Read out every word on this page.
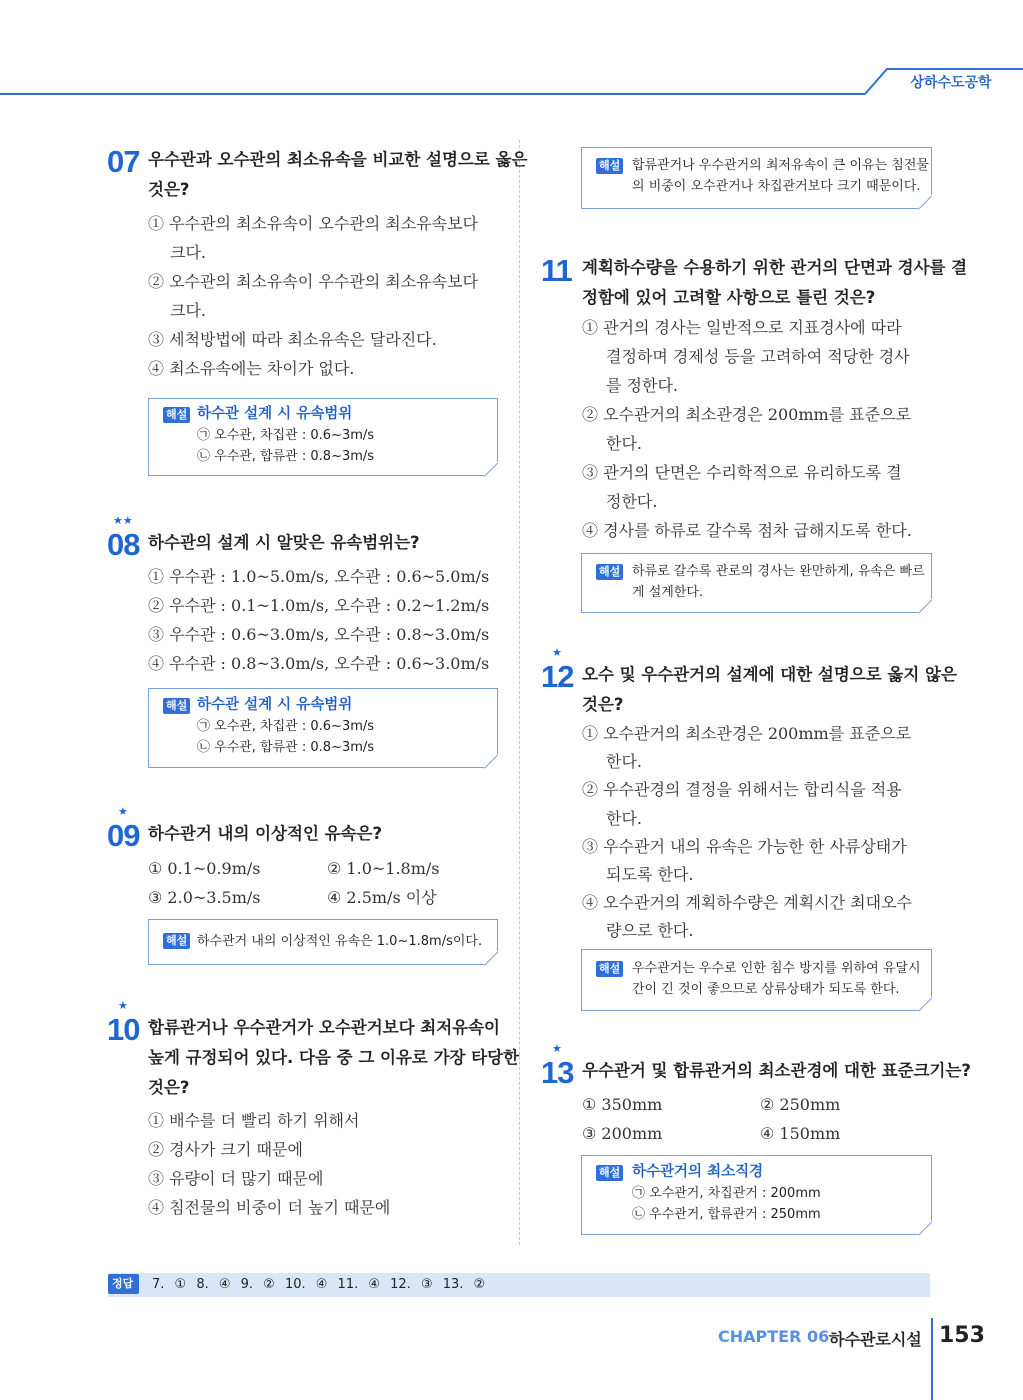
상하수도공학
07 우수관과 오수관의 최소유속을 비교한 설명으로 옳은
것은?
① 우수관의 최소유속이 오수관의 최소유속보다
크다.
② 오수관의 최소유속이 우수관의 최소유속보다
크다.
③ 세척방법에 따라 최소유속은 달라진다.
④ 최소유속에는 차이가 없다.
해설 하수관 설계 시 유속범위
㉠ 오수관, 차집관 : 0.6~3m/s
㉡ 우수관, 합류관 : 0.8~3m/s
★★
08 하수관의 설계 시 알맞은 유속범위는?
① 우수관 : 1.0~5.0m/s, 오수관 : 0.6~5.0m/s
② 우수관 : 0.1~1.0m/s, 오수관 : 0.2~1.2m/s
③ 우수관 : 0.6~3.0m/s, 오수관 : 0.8~3.0m/s
④ 우수관 : 0.8~3.0m/s, 오수관 : 0.6~3.0m/s
해설 하수관 설계 시 유속범위
㉠ 오수관, 차집관 : 0.6~3m/s
㉡ 우수관, 합류관 : 0.8~3m/s
★
09 하수관거 내의 이상적인 유속은?
① 0.1~0.9m/s	② 1.0~1.8m/s
③ 2.0~3.5m/s	④ 2.5m/s 이상
해설 하수관거 내의 이상적인 유속은 1.0~1.8m/s이다.
★
10 합류관거나 우수관거가 오수관거보다 최저유속이
높게 규정되어 있다. 다음 중 그 이유로 가장 타당한
것은?
① 배수를 더 빨리 하기 위해서
② 경사가 크기 때문에
③ 유량이 더 많기 때문에
④ 침전물의 비중이 더 높기 때문에
해설 합류관거나 우수관거의 최저유속이 큰 이유는 침전물
의 비중이 오수관거나 차집관거보다 크기 때문이다.
11 계획하수량을 수용하기 위한 관거의 단면과 경사를 결
정함에 있어 고려할 사항으로 틀린 것은?
① 관거의 경사는 일반적으로 지표경사에 따라
결정하며 경제성 등을 고려하여 적당한 경사
를 정한다.
② 오수관거의 최소관경은 200mm를 표준으로
한다.
③ 관거의 단면은 수리학적으로 유리하도록 결
정한다.
④ 경사를 하류로 갈수록 점차 급해지도록 한다.
해설 하류로 갈수록 관로의 경사는 완만하게, 유속은 빠르
게 설계한다.
★
12 오수 및 우수관거의 설계에 대한 설명으로 옳지 않은
것은?
① 오수관거의 최소관경은 200mm를 표준으로
한다.
② 우수관경의 결정을 위해서는 합리식을 적용
한다.
③ 우수관거 내의 유속은 가능한 한 사류상태가
되도록 한다.
④ 오수관거의 계획하수량은 계획시간 최대오수
량으로 한다.
해설 우수관거는 우수로 인한 침수 방지를 위하여 유달시
간이 긴 것이 좋으므로 상류상태가 되도록 한다.
★
13 우수관거 및 합류관거의 최소관경에 대한 표준크기는?
① 350mm	② 250mm
③ 200mm	④ 150mm
해설 하수관거의 최소직경
㉠ 오수관거, 차집관거 : 200mm
㉡ 우수관거, 합류관거 : 250mm
정답	7. ① 8. ④ 9. ② 10. ④ 11. ④ 12. ③ 13. ②
CHAPTER 06 하수관로시설 153
